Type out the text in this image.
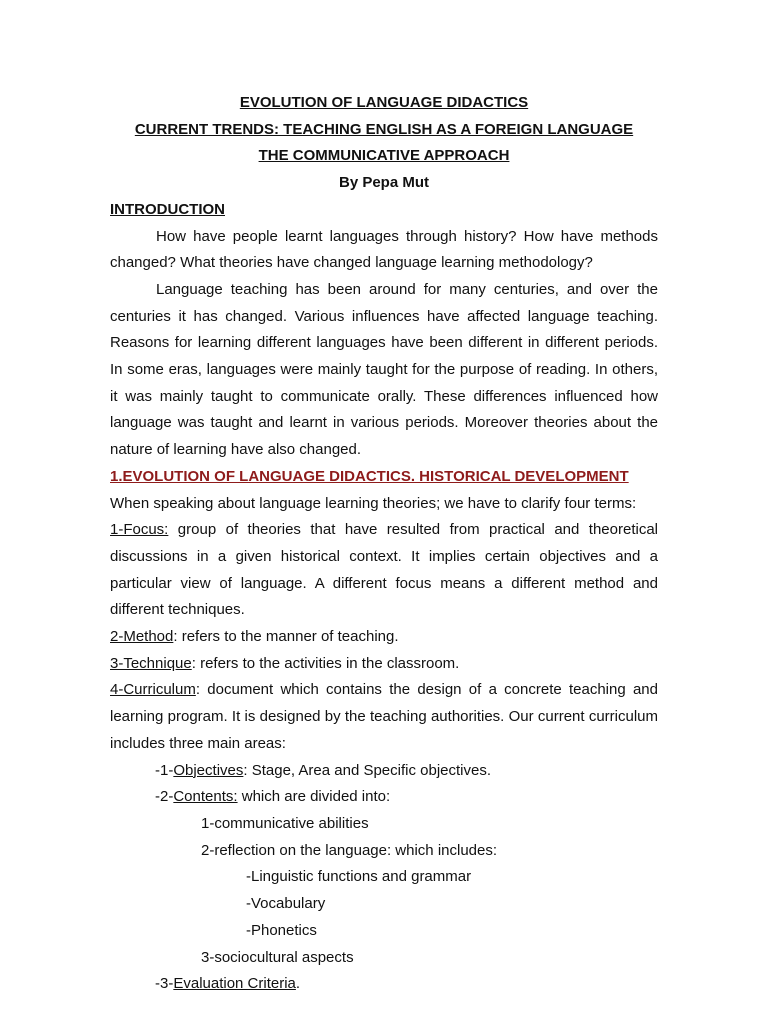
EVOLUTION OF LANGUAGE DIDACTICS

CURRENT TRENDS: TEACHING ENGLISH AS A FOREIGN LANGUAGE

THE COMMUNICATIVE APPROACH

By Pepa Mut

INTRODUCTION

How have people learnt languages through history? How have methods changed? What theories have changed language learning methodology?

Language teaching has been around for many centuries, and over the centuries it has changed. Various influences have affected language teaching. Reasons for learning different languages have been different in different periods. In some eras, languages were mainly taught for the purpose of reading. In others, it was mainly taught to communicate orally. These differences influenced how language was taught and learnt in various periods. Moreover theories about the nature of learning have also changed.

1.EVOLUTION OF LANGUAGE DIDACTICS. HISTORICAL DEVELOPMENT

When speaking about language learning theories; we have to clarify four terms:

1-Focus: group of theories that have resulted from practical and theoretical discussions in a given historical context. It implies certain objectives and a particular view of language. A different focus means a different method and different techniques.

2-Method: refers to the manner of teaching.

3-Technique: refers to the activities in the classroom.

4-Curriculum: document which contains the design of a concrete teaching and learning program. It is designed by the teaching authorities. Our current curriculum includes three main areas:

-1-Objectives: Stage, Area and Specific objectives.

-2-Contents: which are divided into:

1-communicative abilities

2-reflection on the language: which includes:

-Linguistic functions and grammar

-Vocabulary

-Phonetics

3-sociocultural aspects

-3-Evaluation Criteria.
